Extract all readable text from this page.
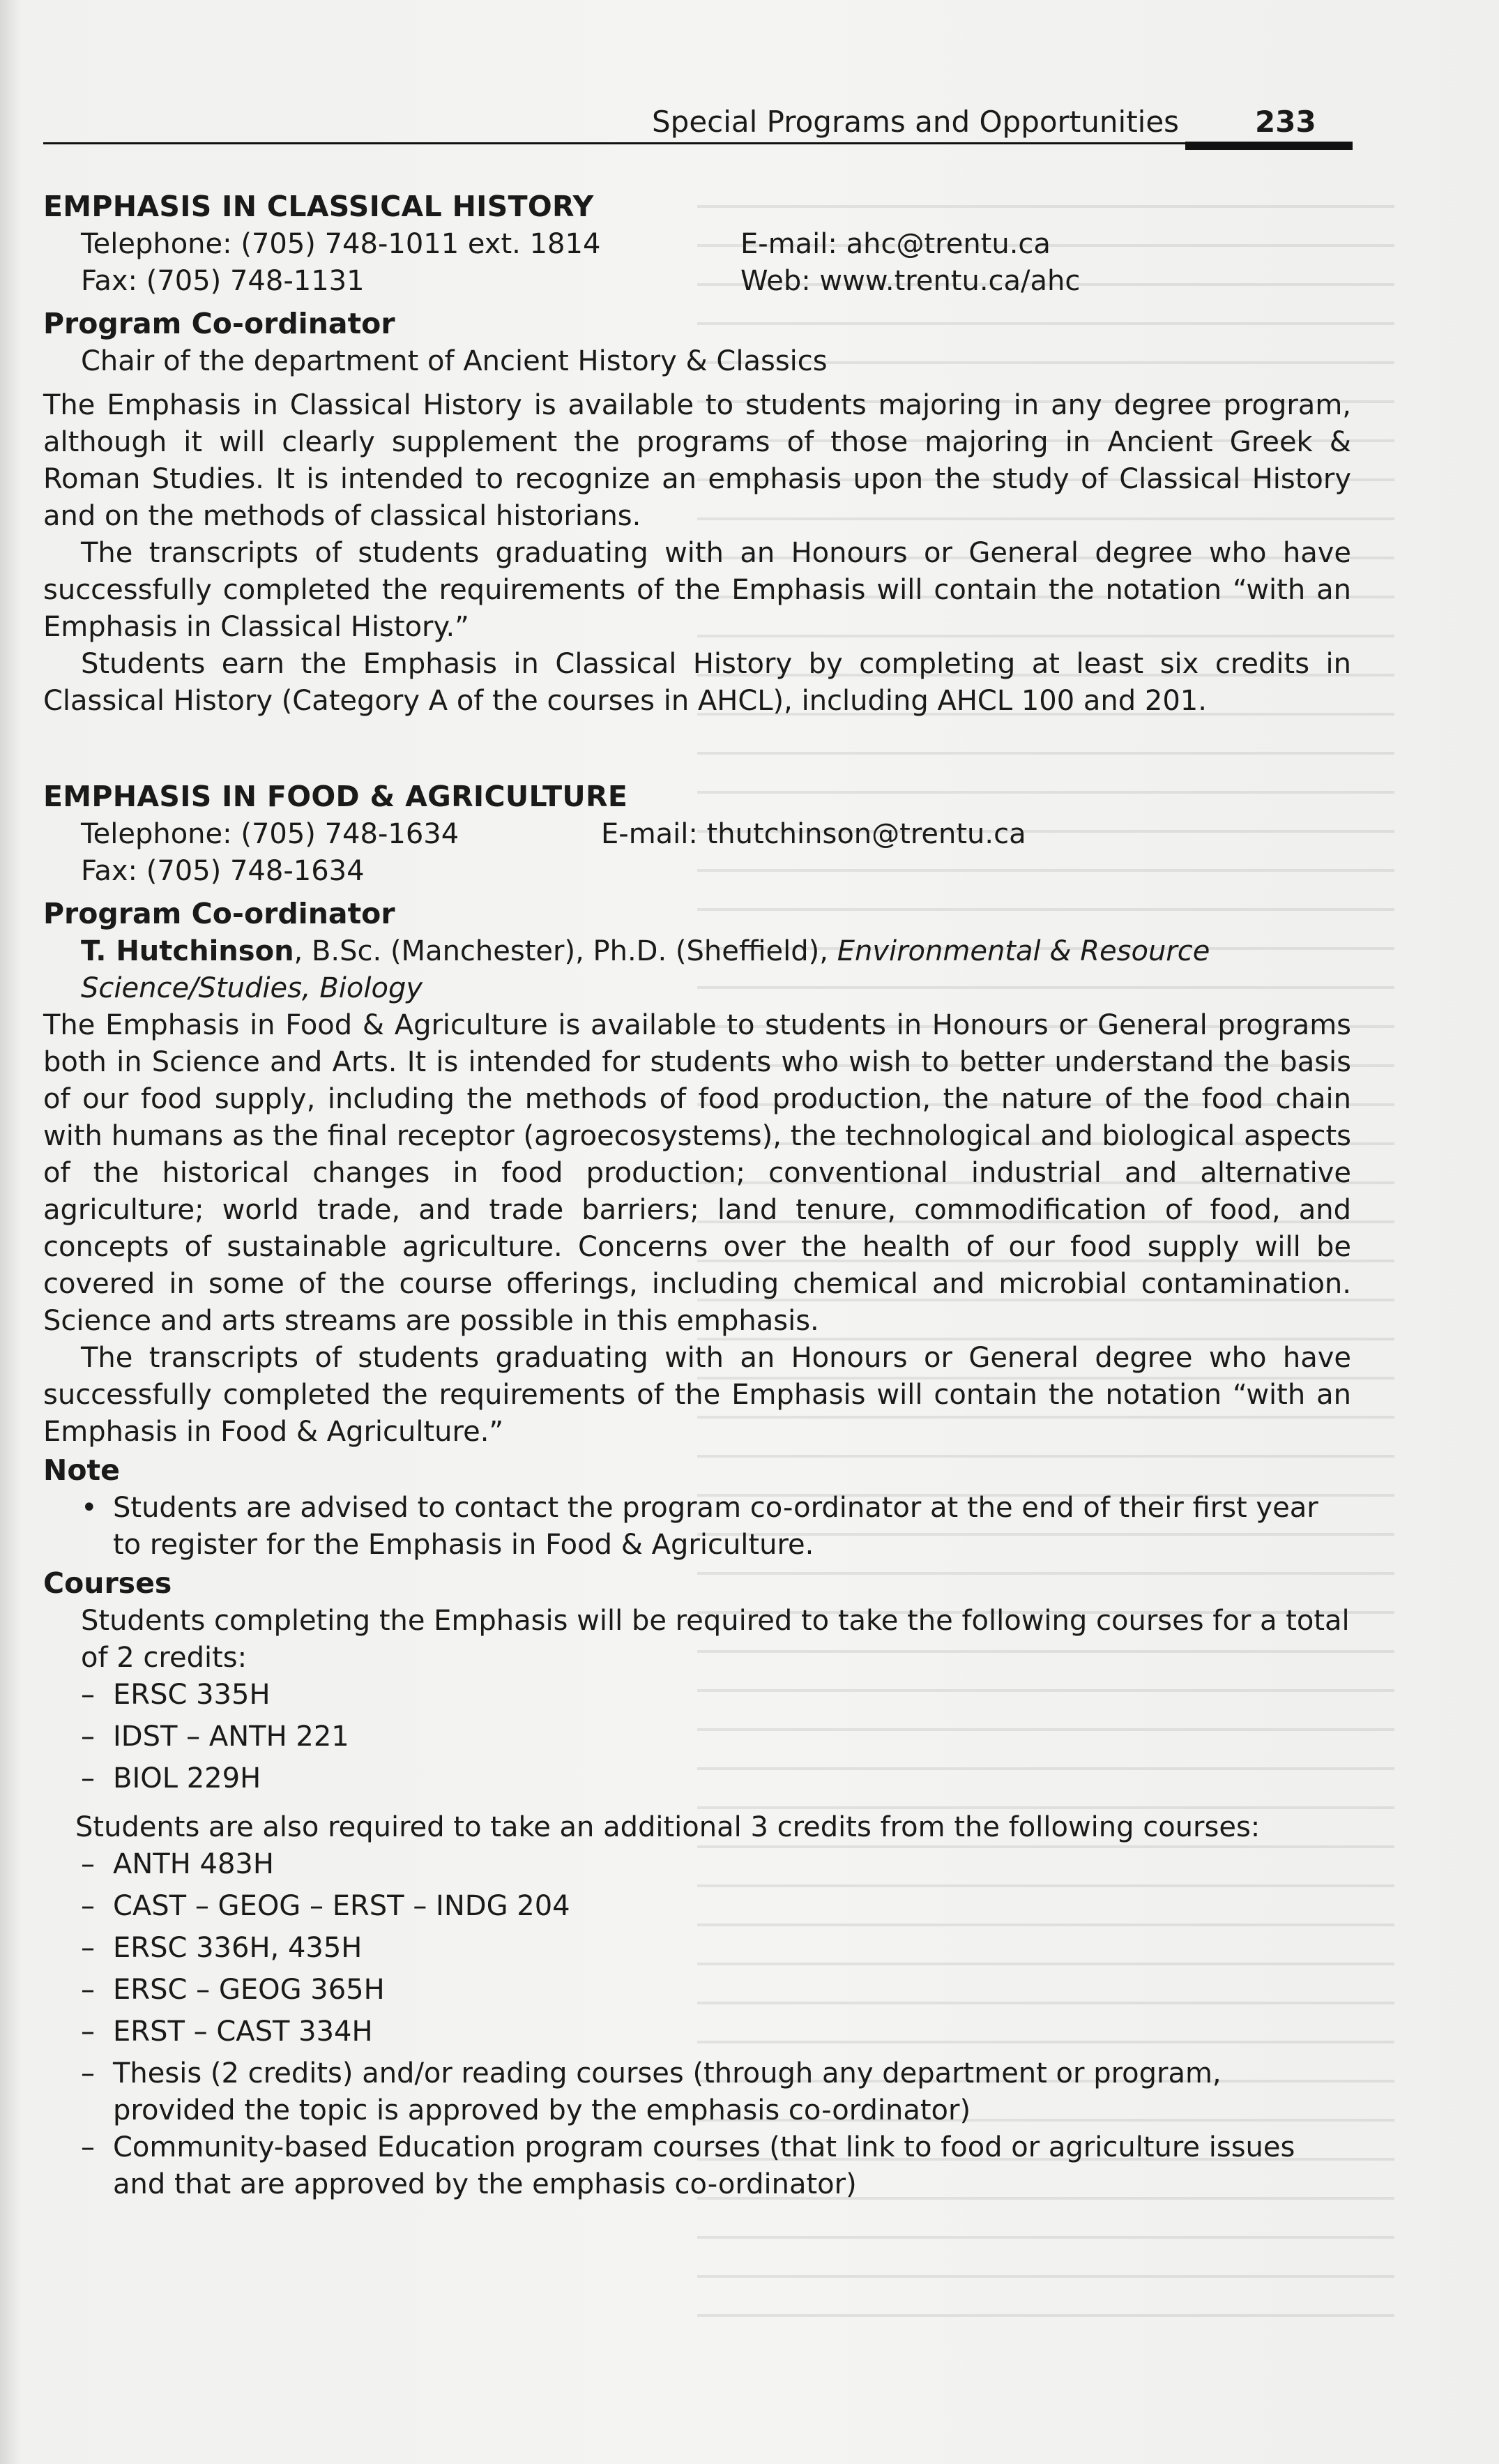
Special Programs and Opportunities	233
EMPHASIS IN CLASSICAL HISTORY
Telephone: (705) 748-1011 ext. 1814
Fax: (705) 748-1131
E-mail: ahc@trentu.ca
Web: www.trentu.ca/ahc
Program Co-ordinator

Chair of the department of Ancient History & Classics

The Emphasis in Classical History is available to students majoring in any degree program, although it will clearly supplement the programs of those majoring in Ancient Greek & Roman Studies. It is intended to recognize an emphasis upon the study of Classical History and on the methods of classical historians.

The transcripts of students graduating with an Honours or General degree who have successfully completed the requirements of the Emphasis will contain the notation “with an Emphasis in Classical History.”

Students earn the Emphasis in Classical History by completing at least six credits in Classical History (Category A of the courses in AHCL), including AHCL 100 and 201.

EMPHASIS IN FOOD & AGRICULTURE
Telephone: (705) 748-1634
Fax: (705) 748-1634
E-mail: thutchinson@trentu.ca
Program Co-ordinator

T. Hutchinson, B.Sc. (Manchester), Ph.D. (Sheffield), Environmental & Resource Science/Studies, Biology

The Emphasis in Food & Agriculture is available to students in Honours or General programs both in Science and Arts. It is intended for students who wish to better understand the basis of our food supply, including the methods of food production, the nature of the food chain with humans as the final receptor (agroecosystems), the technological and biological aspects of the historical changes in food production; conventional industrial and alternative agriculture; world trade, and trade barriers; land tenure, commodification of food, and concepts of sustainable agriculture. Concerns over the health of our food supply will be covered in some of the course offerings, including chemical and microbial contamination. Science and arts streams are possible in this emphasis.

The transcripts of students graduating with an Honours or General degree who have successfully completed the requirements of the Emphasis will contain the notation “with an Emphasis in Food & Agriculture.”

Note
• Students are advised to contact the program co-ordinator at the end of their first year to register for the Emphasis in Food & Agriculture.
Courses

Students completing the Emphasis will be required to take the following courses for a total of 2 credits:

– ERSC 335H
– IDST – ANTH 221
– BIOL 229H

Students are also required to take an additional 3 credits from the following courses:

– ANTH 483H
– CAST – GEOG – ERST – INDG 204
– ERSC 336H, 435H
– ERSC – GEOG 365H
– ERST – CAST 334H
– Thesis (2 credits) and/or reading courses (through any department or program, provided the topic is approved by the emphasis co-ordinator)
– Community-based Education program courses (that link to food or agriculture issues and that are approved by the emphasis co-ordinator)
